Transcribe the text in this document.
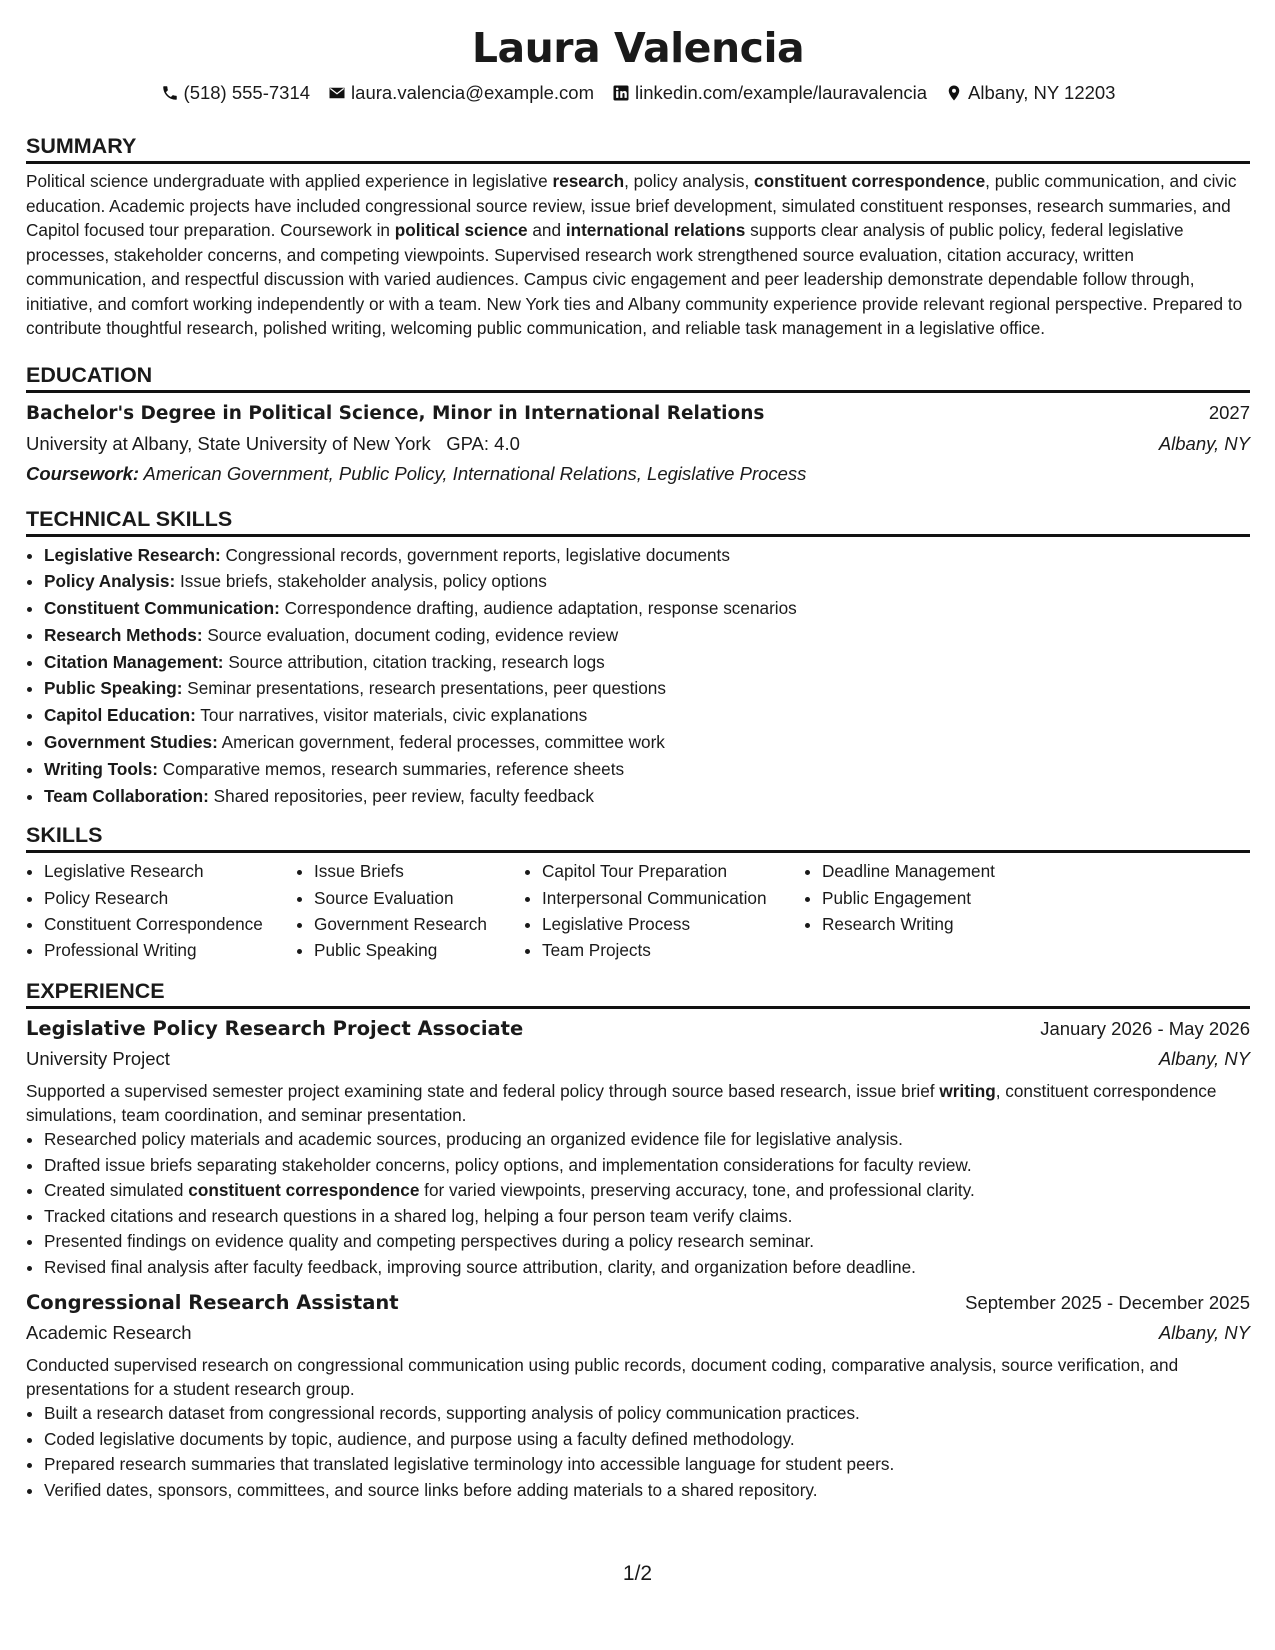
Laura Valencia
(518) 555-7314 laura.valencia@example.com linkedin.com/example/lauravalencia Albany, NY 12203
SUMMARY

Political science undergraduate with applied experience in legislative research, policy analysis, constituent correspondence, public communication, and civic education. Academic projects have included congressional source review, issue brief development, simulated constituent responses, research summaries, and Capitol focused tour preparation. Coursework in political science and international relations supports clear analysis of public policy, federal legislative processes, stakeholder concerns, and competing viewpoints. Supervised research work strengthened source evaluation, citation accuracy, written communication, and respectful discussion with varied audiences. Campus civic engagement and peer leadership demonstrate dependable follow through, initiative, and comfort working independently or with a team. New York ties and Albany community experience provide relevant regional perspective. Prepared to contribute thoughtful research, polished writing, welcoming public communication, and reliable task management in a legislative office.

EDUCATION
Bachelor's Degree in Political Science, Minor in International Relations	2027
University at Albany, State University of New York GPA: 4.0	Albany, NY
Coursework: American Government, Public Policy, International Relations, Legislative Process
TECHNICAL SKILLS
• Legislative Research: Congressional records, government reports, legislative documents
• Policy Analysis: Issue briefs, stakeholder analysis, policy options
• Constituent Communication: Correspondence drafting, audience adaptation, response scenarios
• Research Methods: Source evaluation, document coding, evidence review
• Citation Management: Source attribution, citation tracking, research logs
• Public Speaking: Seminar presentations, research presentations, peer questions
• Capitol Education: Tour narratives, visitor materials, civic explanations
• Government Studies: American government, federal processes, committee work
• Writing Tools: Comparative memos, research summaries, reference sheets
• Team Collaboration: Shared repositories, peer review, faculty feedback
SKILLS
• Legislative Research
• Policy Research
• Constituent Correspondence
• Professional Writing
• Issue Briefs
• Source Evaluation
• Government Research
• Public Speaking
• Capitol Tour Preparation
• Interpersonal Communication
• Legislative Process
• Team Projects
• Deadline Management
• Public Engagement
• Research Writing
EXPERIENCE
Legislative Policy Research Project Associate	January 2026 - May 2026
University Project	Albany, NY

Supported a supervised semester project examining state and federal policy through source based research, issue brief writing, constituent correspondence simulations, team coordination, and seminar presentation.

• Researched policy materials and academic sources, producing an organized evidence file for legislative analysis.
• Drafted issue briefs separating stakeholder concerns, policy options, and implementation considerations for faculty review.
• Created simulated constituent correspondence for varied viewpoints, preserving accuracy, tone, and professional clarity.
• Tracked citations and research questions in a shared log, helping a four person team verify claims.
• Presented findings on evidence quality and competing perspectives during a policy research seminar.
• Revised final analysis after faculty feedback, improving source attribution, clarity, and organization before deadline.
Congressional Research Assistant	September 2025 - December 2025
Academic Research	Albany, NY

Conducted supervised research on congressional communication using public records, document coding, comparative analysis, source verification, and presentations for a student research group.

• Built a research dataset from congressional records, supporting analysis of policy communication practices.
• Coded legislative documents by topic, audience, and purpose using a faculty defined methodology.
• Prepared research summaries that translated legislative terminology into accessible language for student peers.
• Verified dates, sponsors, committees, and source links before adding materials to a shared repository.
1/2
